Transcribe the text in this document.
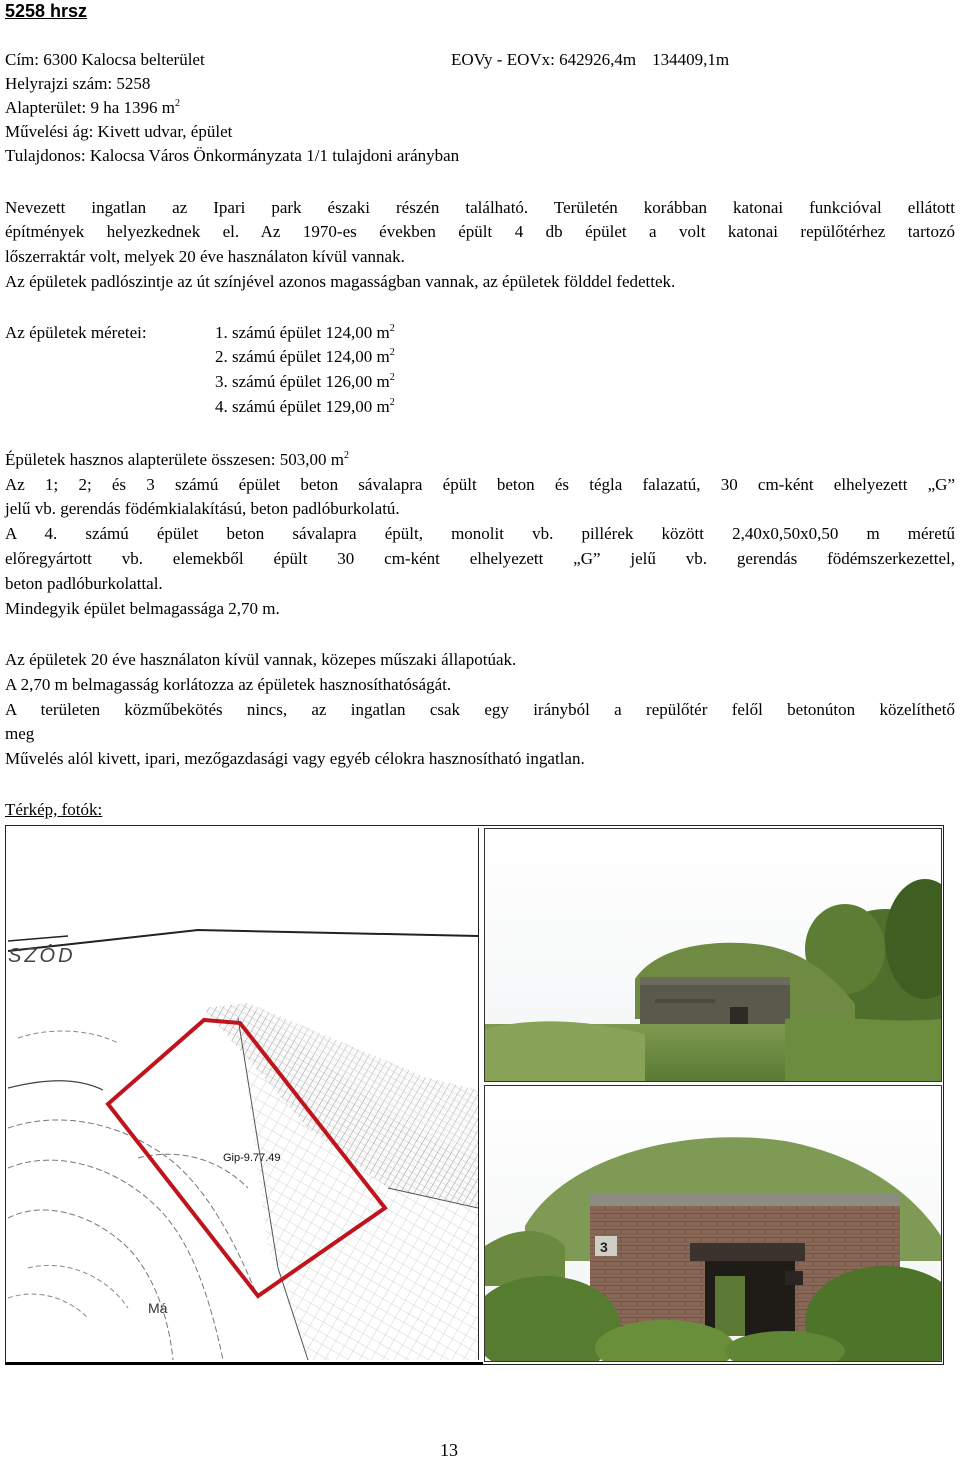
5258 hrsz
Cím: 6300 Kalocsa belterület	EOVy - EOVx: 642926,4m 134409,1m
Helyrajzi szám: 5258
Alapterület: 9 ha 1396 $m^2$
Művelési ág: Kivett udvar, épület
Tulajdonos: Kalocsa Város Önkormányzata 1/1 tulajdoni arányban
Nevezett ingatlan az Ipari park északi részén található. Területén korábban katonai funkcióval ellátott
építmények helyezkednek el. Az 1970-es években épült 4 db épület a volt katonai repülőtérhez tartozó
lőszerraktár volt, melyek 20 éve használaton kívül vannak.
Az épületek padlószintje az út színjével azonos magasságban vannak, az épületek földdel fedettek.
Az épületek méretei:	1. számú épület 124,00 $m^2$
2. számú épület 124,00 $m^2$
3. számú épület 126,00 $m^2$
4. számú épület 129,00 $m^2$
Épületek hasznos alapterülete összesen: 503,00 $m^2$
Az 1; 2; és 3 számú épület beton sávalapra épült beton és tégla falazatú, 30 cm-ként elhelyezett „G”
jelű vb. gerendás födémkialakítású, beton padlóburkolatú.
A 4. számú épület beton sávalapra épült, monolit vb. pillérek között 2,40x0,50x0,50 m méretű
előregyártott vb. elemekből épült 30 cm-ként elhelyezett „G” jelű vb. gerendás födémszerkezettel,
beton padlóburkolattal.
Mindegyik épület belmagassága 2,70 m.
Az épületek 20 éve használaton kívül vannak, közepes műszaki állapotúak.
A 2,70 m belmagasság korlátozza az épületek hasznosíthatóságát.
A területen közműbekötés nincs, az ingatlan csak egy irányból a repülőtér felől betonúton közelíthető
meg
Művelés alól kivett, ipari, mezőgazdasági vagy egyéb célokra hasznosítható ingatlan.
Térkép, fotók:
SZÓD
Gip-9.77.49
Má
3
13
